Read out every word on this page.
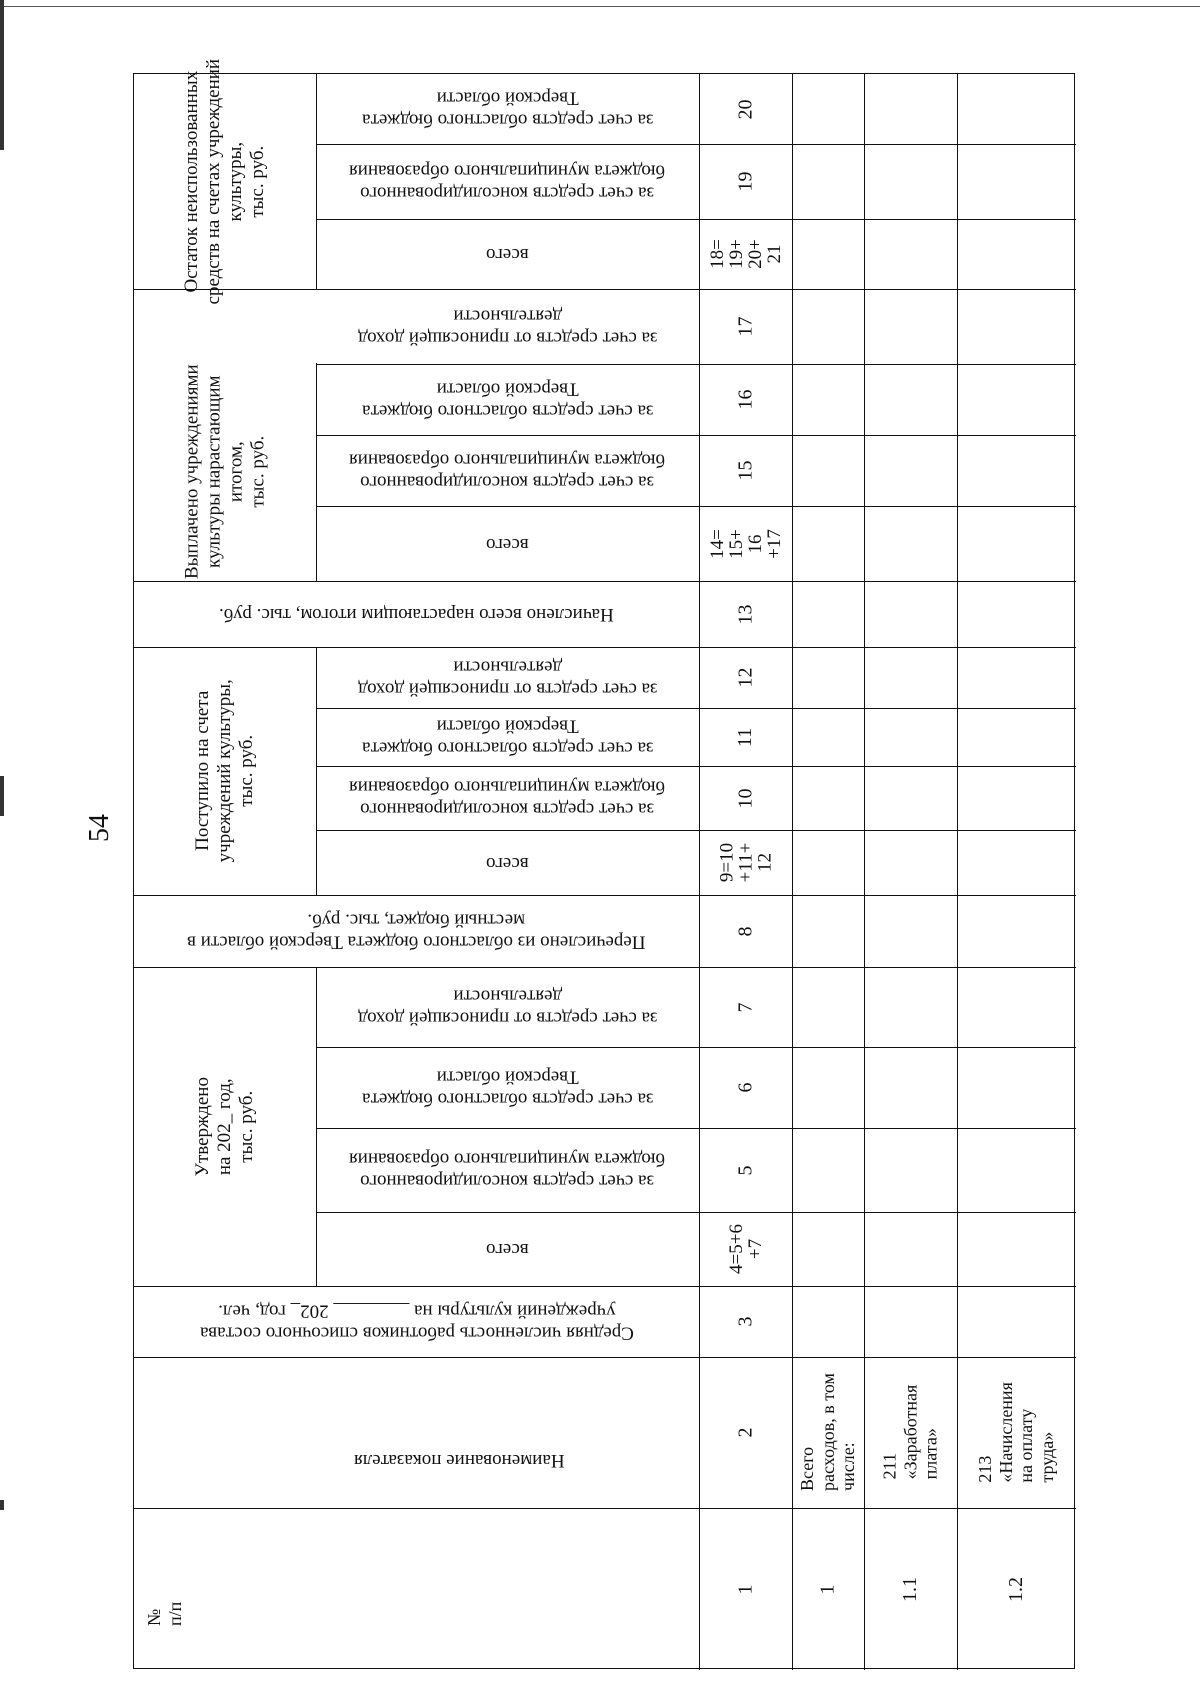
54
№ п/п
Наименование показателя
Средняя численность работников списочного состава
учреждений культуры на ________ 202_ год, чел.
Утверждено на 202_ год, тыс. руб.
Перечислено из областного бюджета Тверской области в
местный бюджет, тыс. руб.
Поступило на счета учреждений культуры, тыс. руб.
Начислено всего нарастающим итогом, тыс. руб.
Выплачено учреждениями культуры нарастающим итогом, тыс. руб.
Остаток неиспользованных средств на счетах учреждений культуры, тыс. руб.
всего
за счет средств консолидированного
бюджета муниципального образования
за счет средств областного бюджета
Тверской области
за счет средств от приносящей доход
деятельности
всего
за счет средств консолидированного
бюджета муниципального образования
за счет средств областного бюджета
Тверской области
за счет средств от приносящей доход
деятельности
всего
за счет средств консолидированного
бюджета муниципального образования
за счет средств областного бюджета
Тверской области
за счет средств от приносящей доход
деятельности
всего
за счет средств консолидированного
бюджета муниципального образования
за счет средств областного бюджета
Тверской области
1
2
3
4=5+6
+7
5
6
7
8
9=10
+11+
12
10
11
12
13
14=
15+
16
+17
15
16
17
18=
19+
20+
21
19
20
1
Всего расходов, в том числе:
1.1
211 «Заработная плата»
1.2
213 «Начисления на оплату труда»
